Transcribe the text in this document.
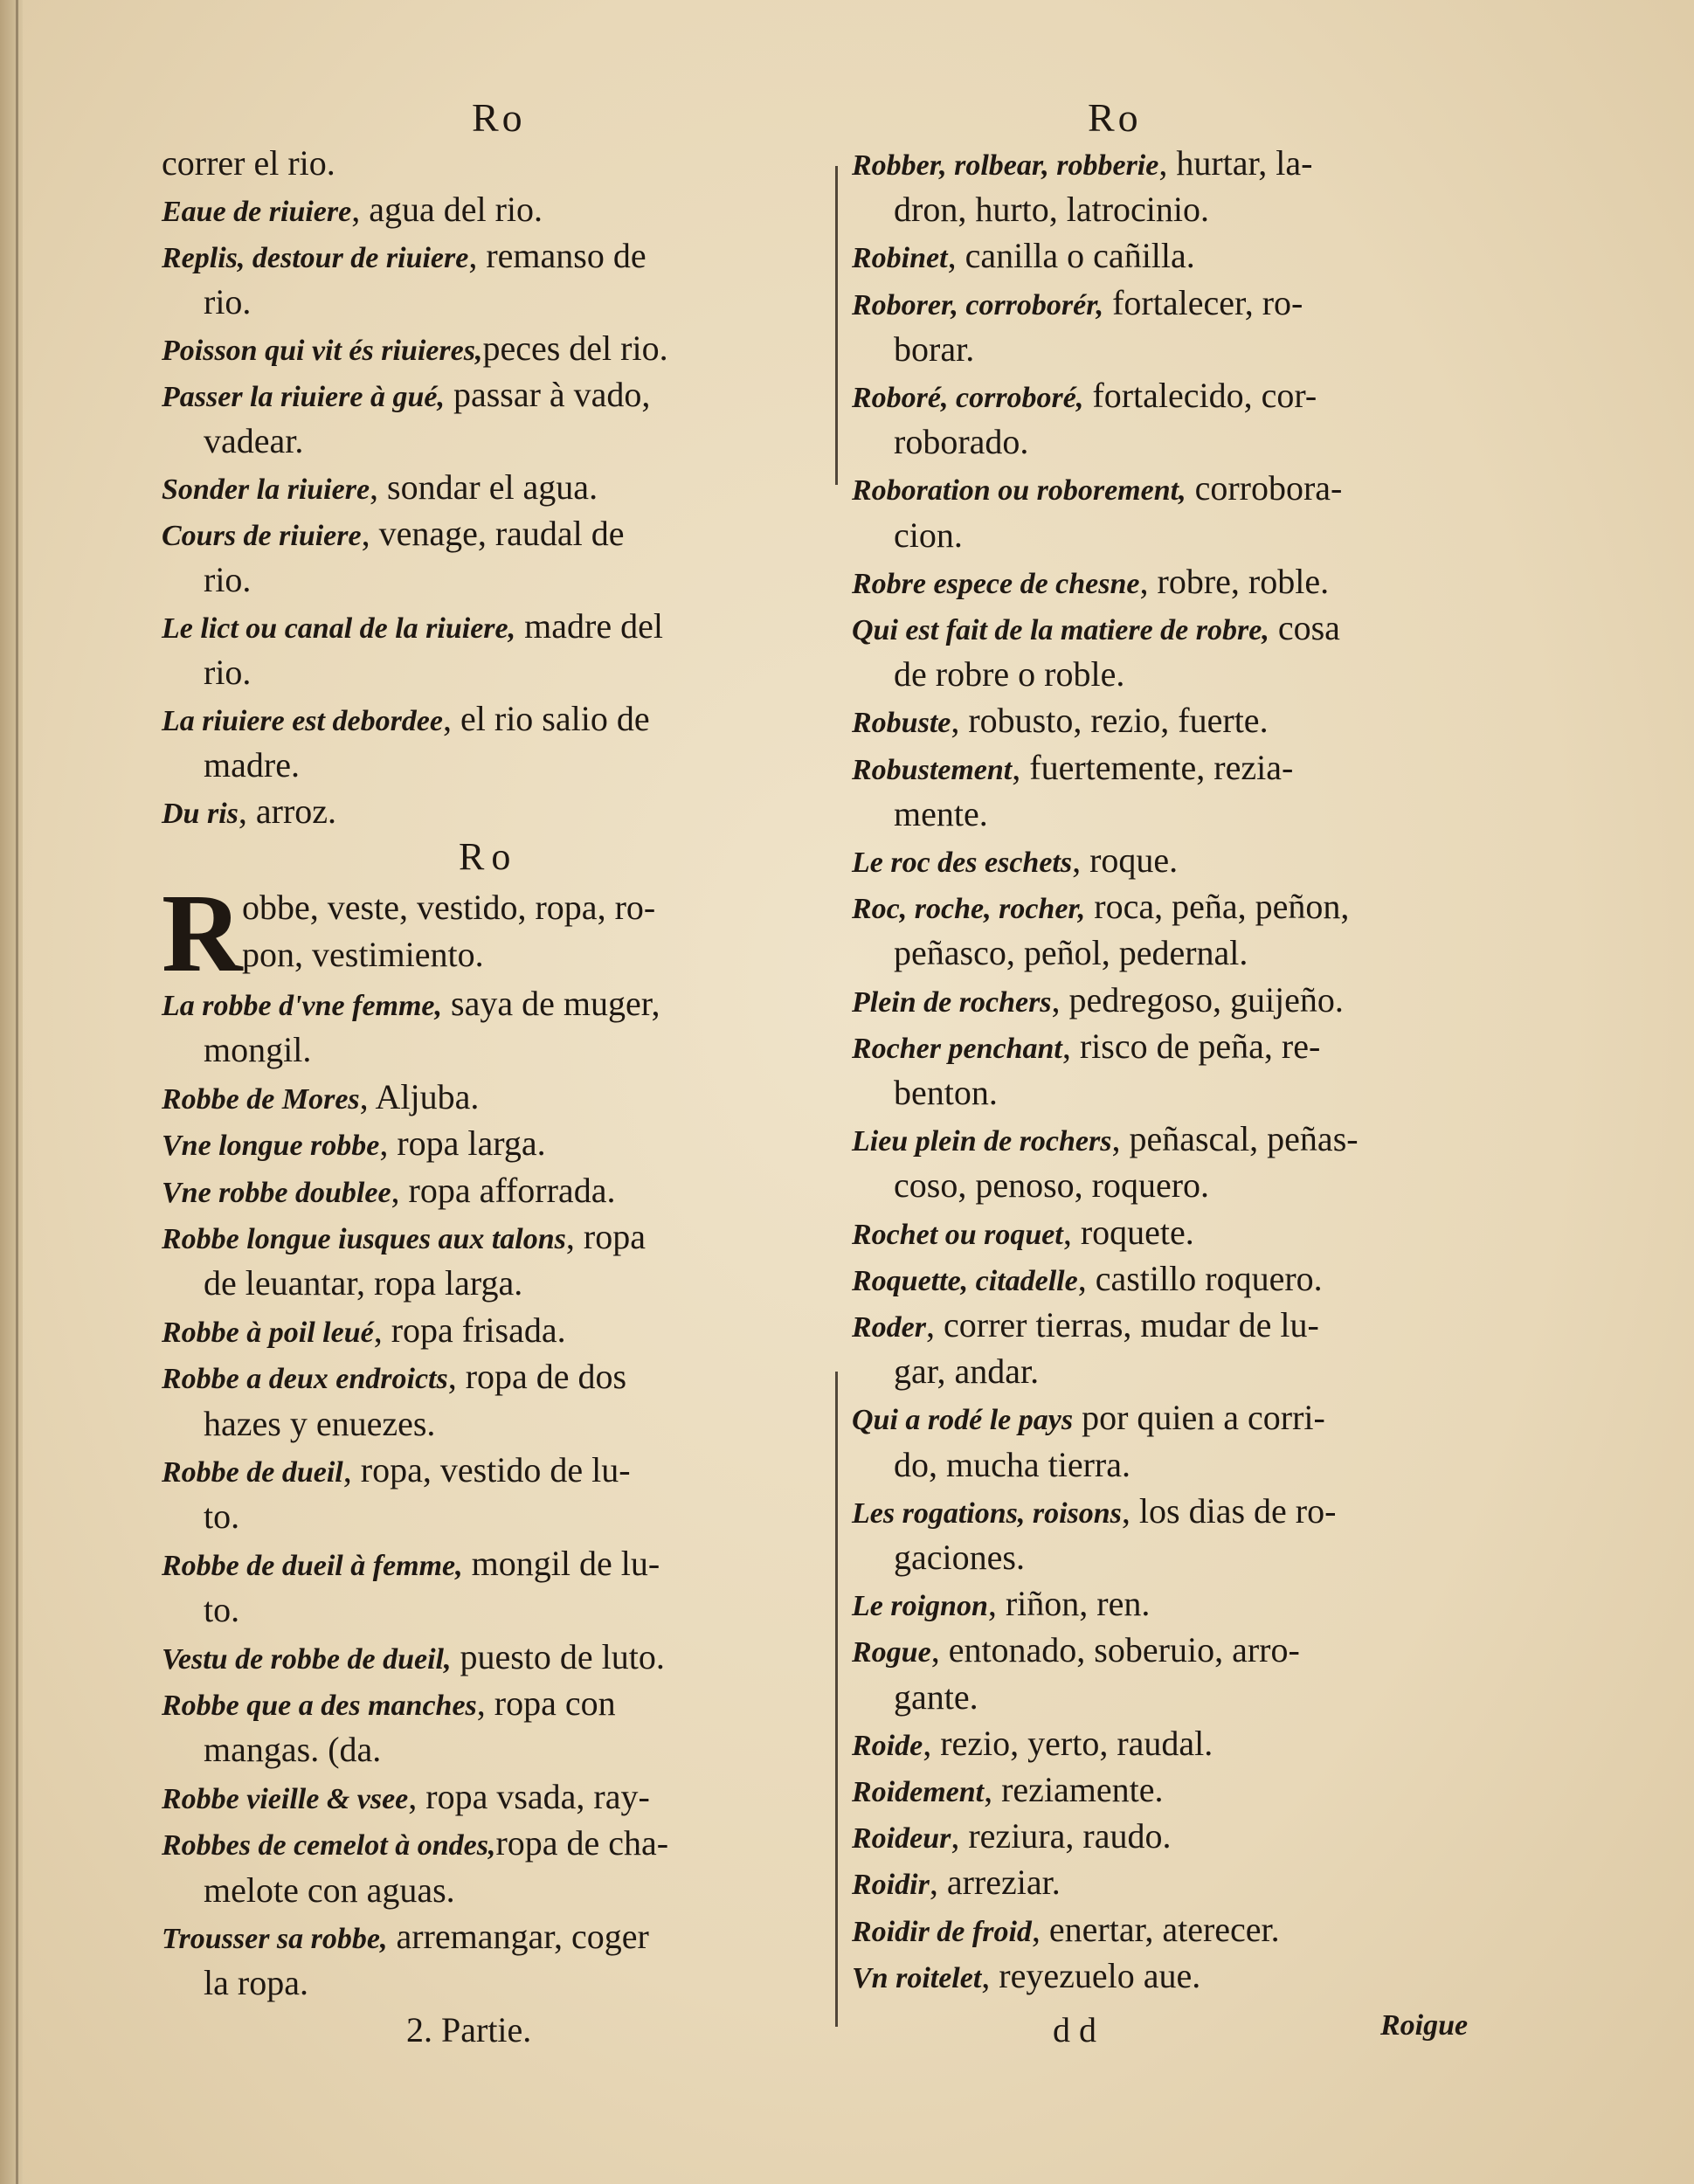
Ro
correr el rio.
Eaue de riuiere, agua del rio.
Replis, destour de riuiere, remanso de
rio.
Poisson qui vit és riuieres,peces del rio.
Passer la riuiere à gué, passar à vado,
vadear.
Sonder la riuiere, sondar el agua.
Cours de riuiere, venage, raudal de
rio.
Le lict ou canal de la riuiere, madre del
rio.
La riuiere est debordee, el rio salio de
madre.
Du ris, arroz.
Ro
R obbe, veste, vestido, ropa, ro-
pon, vestimiento.
La robbe d'vne femme, saya de muger,
mongil.
Robbe de Mores, Aljuba.
Vne longue robbe, ropa larga.
Vne robbe doublee, ropa afforrada.
Robbe longue iusques aux talons, ropa
de leuantar, ropa larga.
Robbe à poil leué, ropa frisada.
Robbe a deux endroicts, ropa de dos
hazes y enuezes.
Robbe de dueil, ropa, vestido de lu-
to.
Robbe de dueil à femme, mongil de lu-
to.
Vestu de robbe de dueil, puesto de luto.
Robbe que a des manches, ropa con
mangas. (da.
Robbe vieille & vsee, ropa vsada, ray-
Robbes de cemelot à ondes,ropa de cha-
melote con aguas.
Trousser sa robbe, arremangar, coger
la ropa.
2. Partie.
Ro
Robber, rolbear, robberie, hurtar, la-
dron, hurto, latrocinio.
Robinet, canilla o cañilla.
Roborer, corroborér, fortalecer, ro-
borar.
Roboré, corroboré, fortalecido, cor-
roborado.
Roboration ou roborement, corrobora-
cion.
Robre espece de chesne, robre, roble.
Qui est fait de la matiere de robre, cosa
de robre o roble.
Robuste, robusto, rezio, fuerte.
Robustement, fuertemente, rezia-
mente.
Le roc des eschets, roque.
Roc, roche, rocher, roca, peña, peñon,
peñasco, peñol, pedernal.
Plein de rochers, pedregoso, guijeño.
Rocher penchant, risco de peña, re-
benton.
Lieu plein de rochers, peñascal, peñas-
coso, penoso, roquero.
Rochet ou roquet, roquete.
Roquette, citadelle, castillo roquero.
Roder, correr tierras, mudar de lu-
gar, andar.
Qui a rodé le pays por quien a corri-
do, mucha tierra.
Les rogations, roisons, los dias de ro-
gaciones.
Le roignon, riñon, ren.
Rogue, entonado, soberuio, arro-
gante.
Roide, rezio, yerto, raudal.
Roidement, reziamente.
Roideur, reziura, raudo.
Roidir, arreziar.
Roidir de froid, enertar, aterecer.
Vn roitelet, reyezuelo aue.
d d	Roigue
